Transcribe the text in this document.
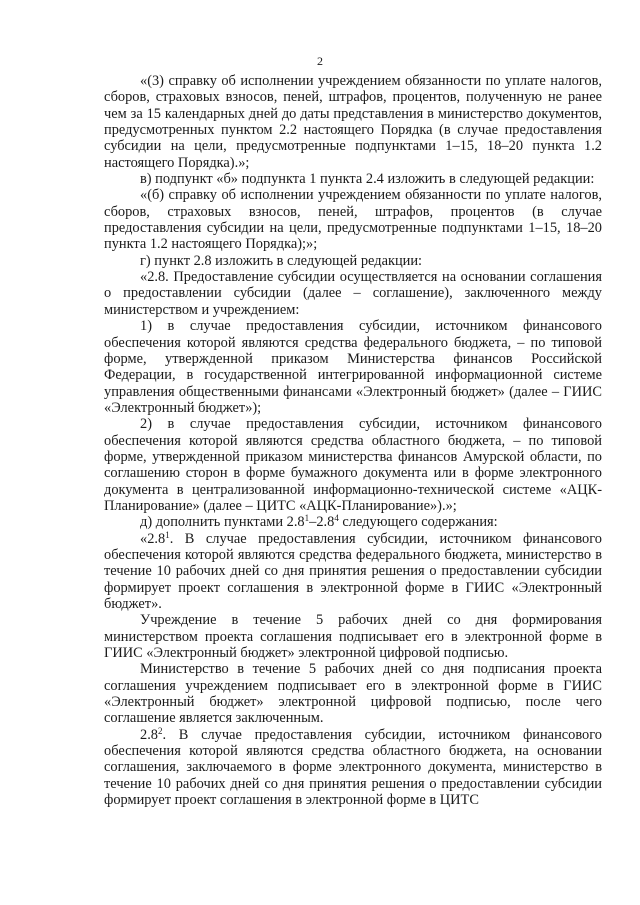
2

«(3) справку об исполнении учреждением обязанности по уплате налогов, сборов, страховых взносов, пеней, штрафов, процентов, полученную не ранее чем за 15 календарных дней до даты представления в министерство документов, предусмотренных пунктом 2.2 настоящего Порядка (в случае предоставления субсидии на цели, предусмотренные подпунктами 1–15, 18–20 пункта 1.2 настоящего Порядка).»;

в) подпункт «б» подпункта 1 пункта 2.4 изложить в следующей редакции:

«(б) справку об исполнении учреждением обязанности по уплате налогов, сборов, страховых взносов, пеней, штрафов, процентов (в случае предоставления субсидии на цели, предусмотренные подпунктами 1–15, 18–20 пункта 1.2 настоящего Порядка);»;

г) пункт 2.8 изложить в следующей редакции:

«2.8. Предоставление субсидии осуществляется на основании соглашения о предоставлении субсидии (далее – соглашение), заключенного между министерством и учреждением:

1) в случае предоставления субсидии, источником финансового обеспечения которой являются средства федерального бюджета, – по типовой форме, утвержденной приказом Министерства финансов Российской Федерации, в государственной интегрированной информационной системе управления общественными финансами «Электронный бюджет» (далее – ГИИС «Электронный бюджет»);

2) в случае предоставления субсидии, источником финансового обеспечения которой являются средства областного бюджета, – по типовой форме, утвержденной приказом министерства финансов Амурской области, по соглашению сторон в форме бумажного документа или в форме электронного документа в централизованной информационно-технической системе «АЦК-Планирование» (далее – ЦИТС «АЦК-Планирование»).»;

д) дополнить пунктами $2.8^1-2.8^4$ следующего содержания:

«$2.8^1$. В случае предоставления субсидии, источником финансового обеспечения которой являются средства федерального бюджета, министерство в течение 10 рабочих дней со дня принятия решения о предоставлении субсидии формирует проект соглашения в электронной форме в ГИИС «Электронный бюджет».

Учреждение в течение 5 рабочих дней со дня формирования министерством проекта соглашения подписывает его в электронной форме в ГИИС «Электронный бюджет» электронной цифровой подписью.

Министерство в течение 5 рабочих дней со дня подписания проекта соглашения учреждением подписывает его в электронной форме в ГИИС «Электронный бюджет» электронной цифровой подписью, после чего соглашение является заключенным.

$2.8^2$. В случае предоставления субсидии, источником финансового обеспечения которой являются средства областного бюджета, на основании соглашения, заключаемого в форме электронного документа, министерство в течение 10 рабочих дней со дня принятия решения о предоставлении субсидии формирует проект соглашения в электронной форме в ЦИТС
